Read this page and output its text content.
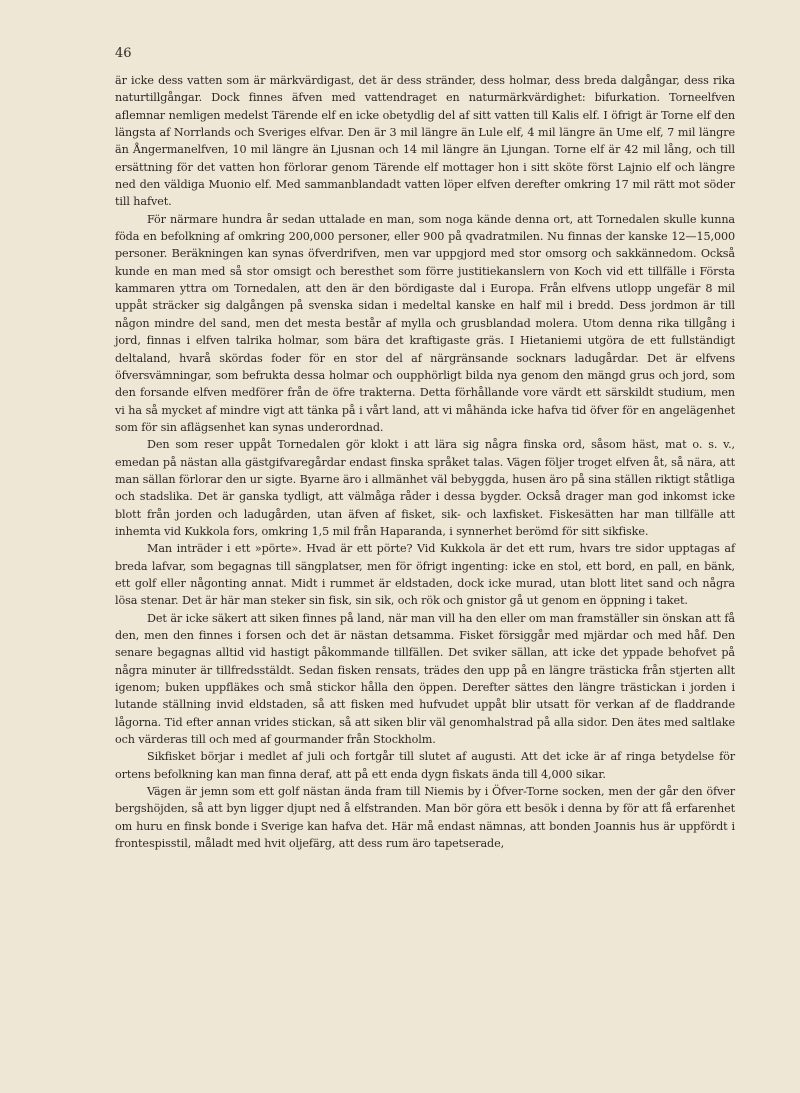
46

är icke dess vatten som är märkvärdigast, det är dess stränder, dess holmar, dess breda dalgångar, dess rika naturtillgångar. Dock finnes äfven med vattendraget en naturmärkvärdighet: bifurkation. Torneelfven aflemnar nemligen medelst Tärende elf en icke obetydlig del af sitt vatten till Kalis elf. I öfrigt är Torne elf den längsta af Norrlands och Sveriges elfvar. Den är 3 mil längre än Lule elf, 4 mil längre än Ume elf, 7 mil längre än Ångermanelfven, 10 mil längre än Ljusnan och 14 mil längre än Ljungan. Torne elf är 42 mil lång, och till ersättning för det vatten hon förlorar genom Tärende elf mottager hon i sitt sköte först Lajnio elf och längre ned den väldiga Muonio elf. Med sammanblandadt vatten löper elfven derefter omkring 17 mil rätt mot söder till hafvet.

För närmare hundra år sedan uttalade en man, som noga kände denna ort, att Tornedalen skulle kunna föda en befolkning af omkring 200,000 personer, eller 900 på qvadratmilen. Nu finnas der kanske 12—15,000 personer. Beräkningen kan synas öfverdrifven, men var uppgjord med stor omsorg och sakkännedom. Också kunde en man med så stor omsigt och beresthet som förre justitiekanslern von Koch vid ett tillfälle i Första kammaren yttra om Tornedalen, att den är den bördigaste dal i Europa. Från elfvens utlopp ungefär 8 mil uppåt sträcker sig dalgången på svenska sidan i medeltal kanske en half mil i bredd. Dess jordmon är till någon mindre del sand, men det mesta består af mylla och grusblandad molera. Utom denna rika tillgång i jord, finnas i elfven talrika holmar, som bära det kraftigaste gräs. I Hietaniemi utgöra de ett fullständigt deltaland, hvarå skördas foder för en stor del af närgränsande socknars ladugårdar. Det är elfvens öfversvämningar, som befrukta dessa holmar och oupphörligt bilda nya genom den mängd grus och jord, som den forsande elfven medförer från de öfre trakterna. Detta förhållande vore värdt ett särskildt studium, men vi ha så mycket af mindre vigt att tänka på i vårt land, att vi måhända icke hafva tid öfver för en angelägenhet som för sin aflägsenhet kan synas underordnad.

Den som reser uppåt Tornedalen gör klokt i att lära sig några finska ord, såsom häst, mat o. s. v., emedan på nästan alla gästgifvaregårdar endast finska språket talas. Vägen följer troget elfven åt, så nära, att man sällan förlorar den ur sigte. Byarne äro i allmänhet väl bebyggda, husen äro på sina ställen riktigt ståtliga och stadslika. Det är ganska tydligt, att välmåga råder i dessa bygder. Också drager man god inkomst icke blott från jorden och ladugården, utan äfven af fisket, sik- och laxfisket. Fiskesätten har man tillfälle att inhemta vid Kukkola fors, omkring 1,5 mil från Haparanda, i synnerhet berömd för sitt sikfiske.

Man inträder i ett »pörte». Hvad är ett pörte? Vid Kukkola är det ett rum, hvars tre sidor upptagas af breda lafvar, som begagnas till sängplatser, men för öfrigt ingenting: icke en stol, ett bord, en pall, en bänk, ett golf eller någonting annat. Midt i rummet är eldstaden, dock icke murad, utan blott litet sand och några lösa stenar. Det är här man steker sin fisk, sin sik, och rök och gnistor gå ut genom en öppning i taket.

Det är icke säkert att siken finnes på land, när man vill ha den eller om man framställer sin önskan att få den, men den finnes i forsen och det är nästan detsamma. Fisket försiggår med mjärdar och med håf. Den senare begagnas alltid vid hastigt påkommande tillfällen. Det sviker sällan, att icke det yppade behofvet på några minuter är tillfredsstäldt. Sedan fisken rensats, trädes den upp på en längre trästicka från stjerten allt igenom; buken uppfläkes och små stickor hålla den öppen. Derefter sättes den längre trästickan i jorden i lutande ställning invid eldstaden, så att fisken med hufvudet uppåt blir utsatt för verkan af de fladdrande lågorna. Tid efter annan vrides stickan, så att siken blir väl genomhalstrad på alla sidor. Den ätes med saltlake och värderas till och med af gourmander från Stockholm.

Sikfisket börjar i medlet af juli och fortgår till slutet af augusti. Att det icke är af ringa betydelse för ortens befolkning kan man finna deraf, att på ett enda dygn fiskats ända till 4,000 sikar.

Vägen är jemn som ett golf nästan ända fram till Niemis by i Öfver-Torne socken, men der går den öfver bergshöjden, så att byn ligger djupt ned å elfstranden. Man bör göra ett besök i denna by för att få erfarenhet om huru en finsk bonde i Sverige kan hafva det. Här må endast nämnas, att bonden Joannis hus är uppfördt i frontespisstil, måladt med hvit oljefärg, att dess rum äro tapetserade,
